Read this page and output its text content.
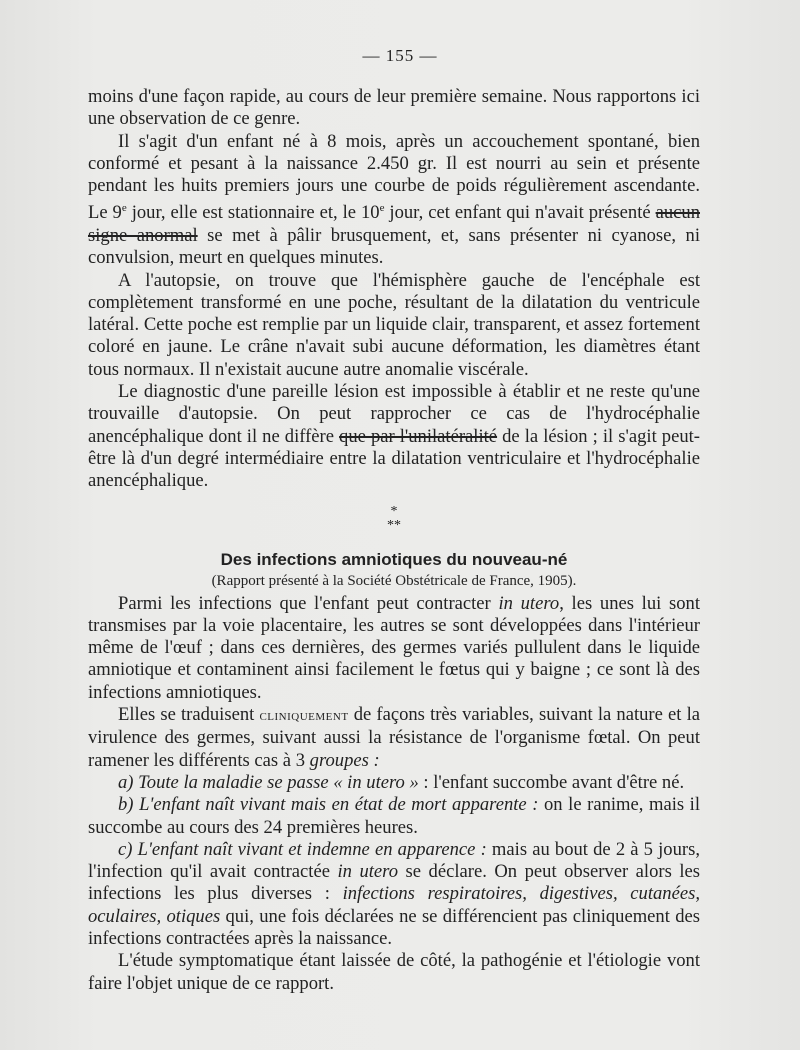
— 155 —

moins d'une façon rapide, au cours de leur première semaine. Nous rapportons ici une observation de ce genre.

Il s'agit d'un enfant né à 8 mois, après un accouchement spontané, bien conformé et pesant à la naissance 2.450 gr. Il est nourri au sein et présente pendant les huits premiers jours une courbe de poids régulièrement ascendante. Le 9e jour, elle est stationnaire et, le 10e jour, cet enfant qui n'avait présenté aucun signe anormal se met à pâlir brusquement, et, sans présenter ni cyanose, ni convulsion, meurt en quelques minutes.

A l'autopsie, on trouve que l'hémisphère gauche de l'encéphale est complètement transformé en une poche, résultant de la dilatation du ventricule latéral. Cette poche est remplie par un liquide clair, transparent, et assez fortement coloré en jaune. Le crâne n'avait subi aucune déformation, les diamètres étant tous normaux. Il n'existait aucune autre anomalie viscérale.

Le diagnostic d'une pareille lésion est impossible à établir et ne reste qu'une trouvaille d'autopsie. On peut rapprocher ce cas de l'hydrocéphalie anencéphalique dont il ne diffère que par l'unilatéralité de la lésion ; il s'agit peut-être là d'un degré intermédiaire entre la dilatation ventriculaire et l'hydrocéphalie anencéphalique.

*
**
Des infections amniotiques du nouveau-né
(Rapport présenté à la Société Obstétricale de France, 1905).

Parmi les infections que l'enfant peut contracter in utero, les unes lui sont transmises par la voie placentaire, les autres se sont développées dans l'intérieur même de l'œuf ; dans ces dernières, des germes variés pullulent dans le liquide amniotique et contaminent ainsi facilement le fœtus qui y baigne ; ce sont là des infections amniotiques.

Elles se traduisent cliniquement de façons très variables, suivant la nature et la virulence des germes, suivant aussi la résistance de l'organisme fœtal. On peut ramener les différents cas à 3 groupes :

a) Toute la maladie se passe « in utero » : l'enfant succombe avant d'être né.

b) L'enfant naît vivant mais en état de mort apparente : on le ranime, mais il succombe au cours des 24 premières heures.

c) L'enfant naît vivant et indemne en apparence : mais au bout de 2 à 5 jours, l'infection qu'il avait contractée in utero se déclare. On peut observer alors les infections les plus diverses : infections respiratoires, digestives, cutanées, oculaires, otiques qui, une fois déclarées ne se différencient pas cliniquement des infections contractées après la naissance.

L'étude symptomatique étant laissée de côté, la pathogénie et l'étiologie vont faire l'objet unique de ce rapport.
